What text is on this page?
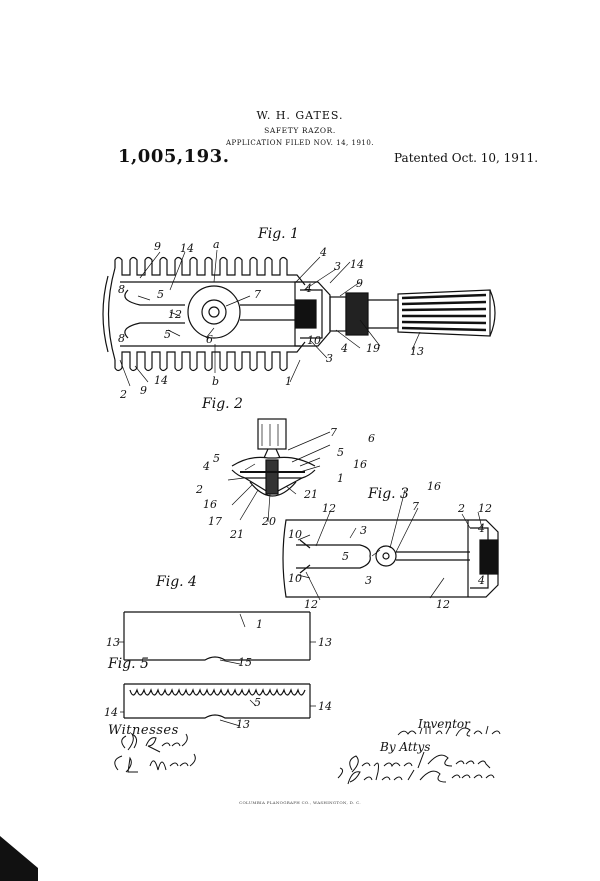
W. H. GATES.
SAFETY RAZOR.
APPLICATION FILED NOV. 14, 1910.
1,005,193.	Patented Oct. 10, 1911.
Fig. 1
Fig. 2
Fig. 3
Fig. 4
Fig. 5
9 14 a
4
3 14
9
8	5	7	4
12
8	5	6	10
4 19	13
3
2 9
14	b	1
7	6
5
16
1
5
4
2
16
17	20
21
21
16
12	7	2 12
10	3	4
5
10	3	4
12	12
1
13	13
15
5
14	14
13
Witnesses	Inventor
By Attys
COLUMBIA PLANOGRAPH CO., WASHINGTON, D. C.
